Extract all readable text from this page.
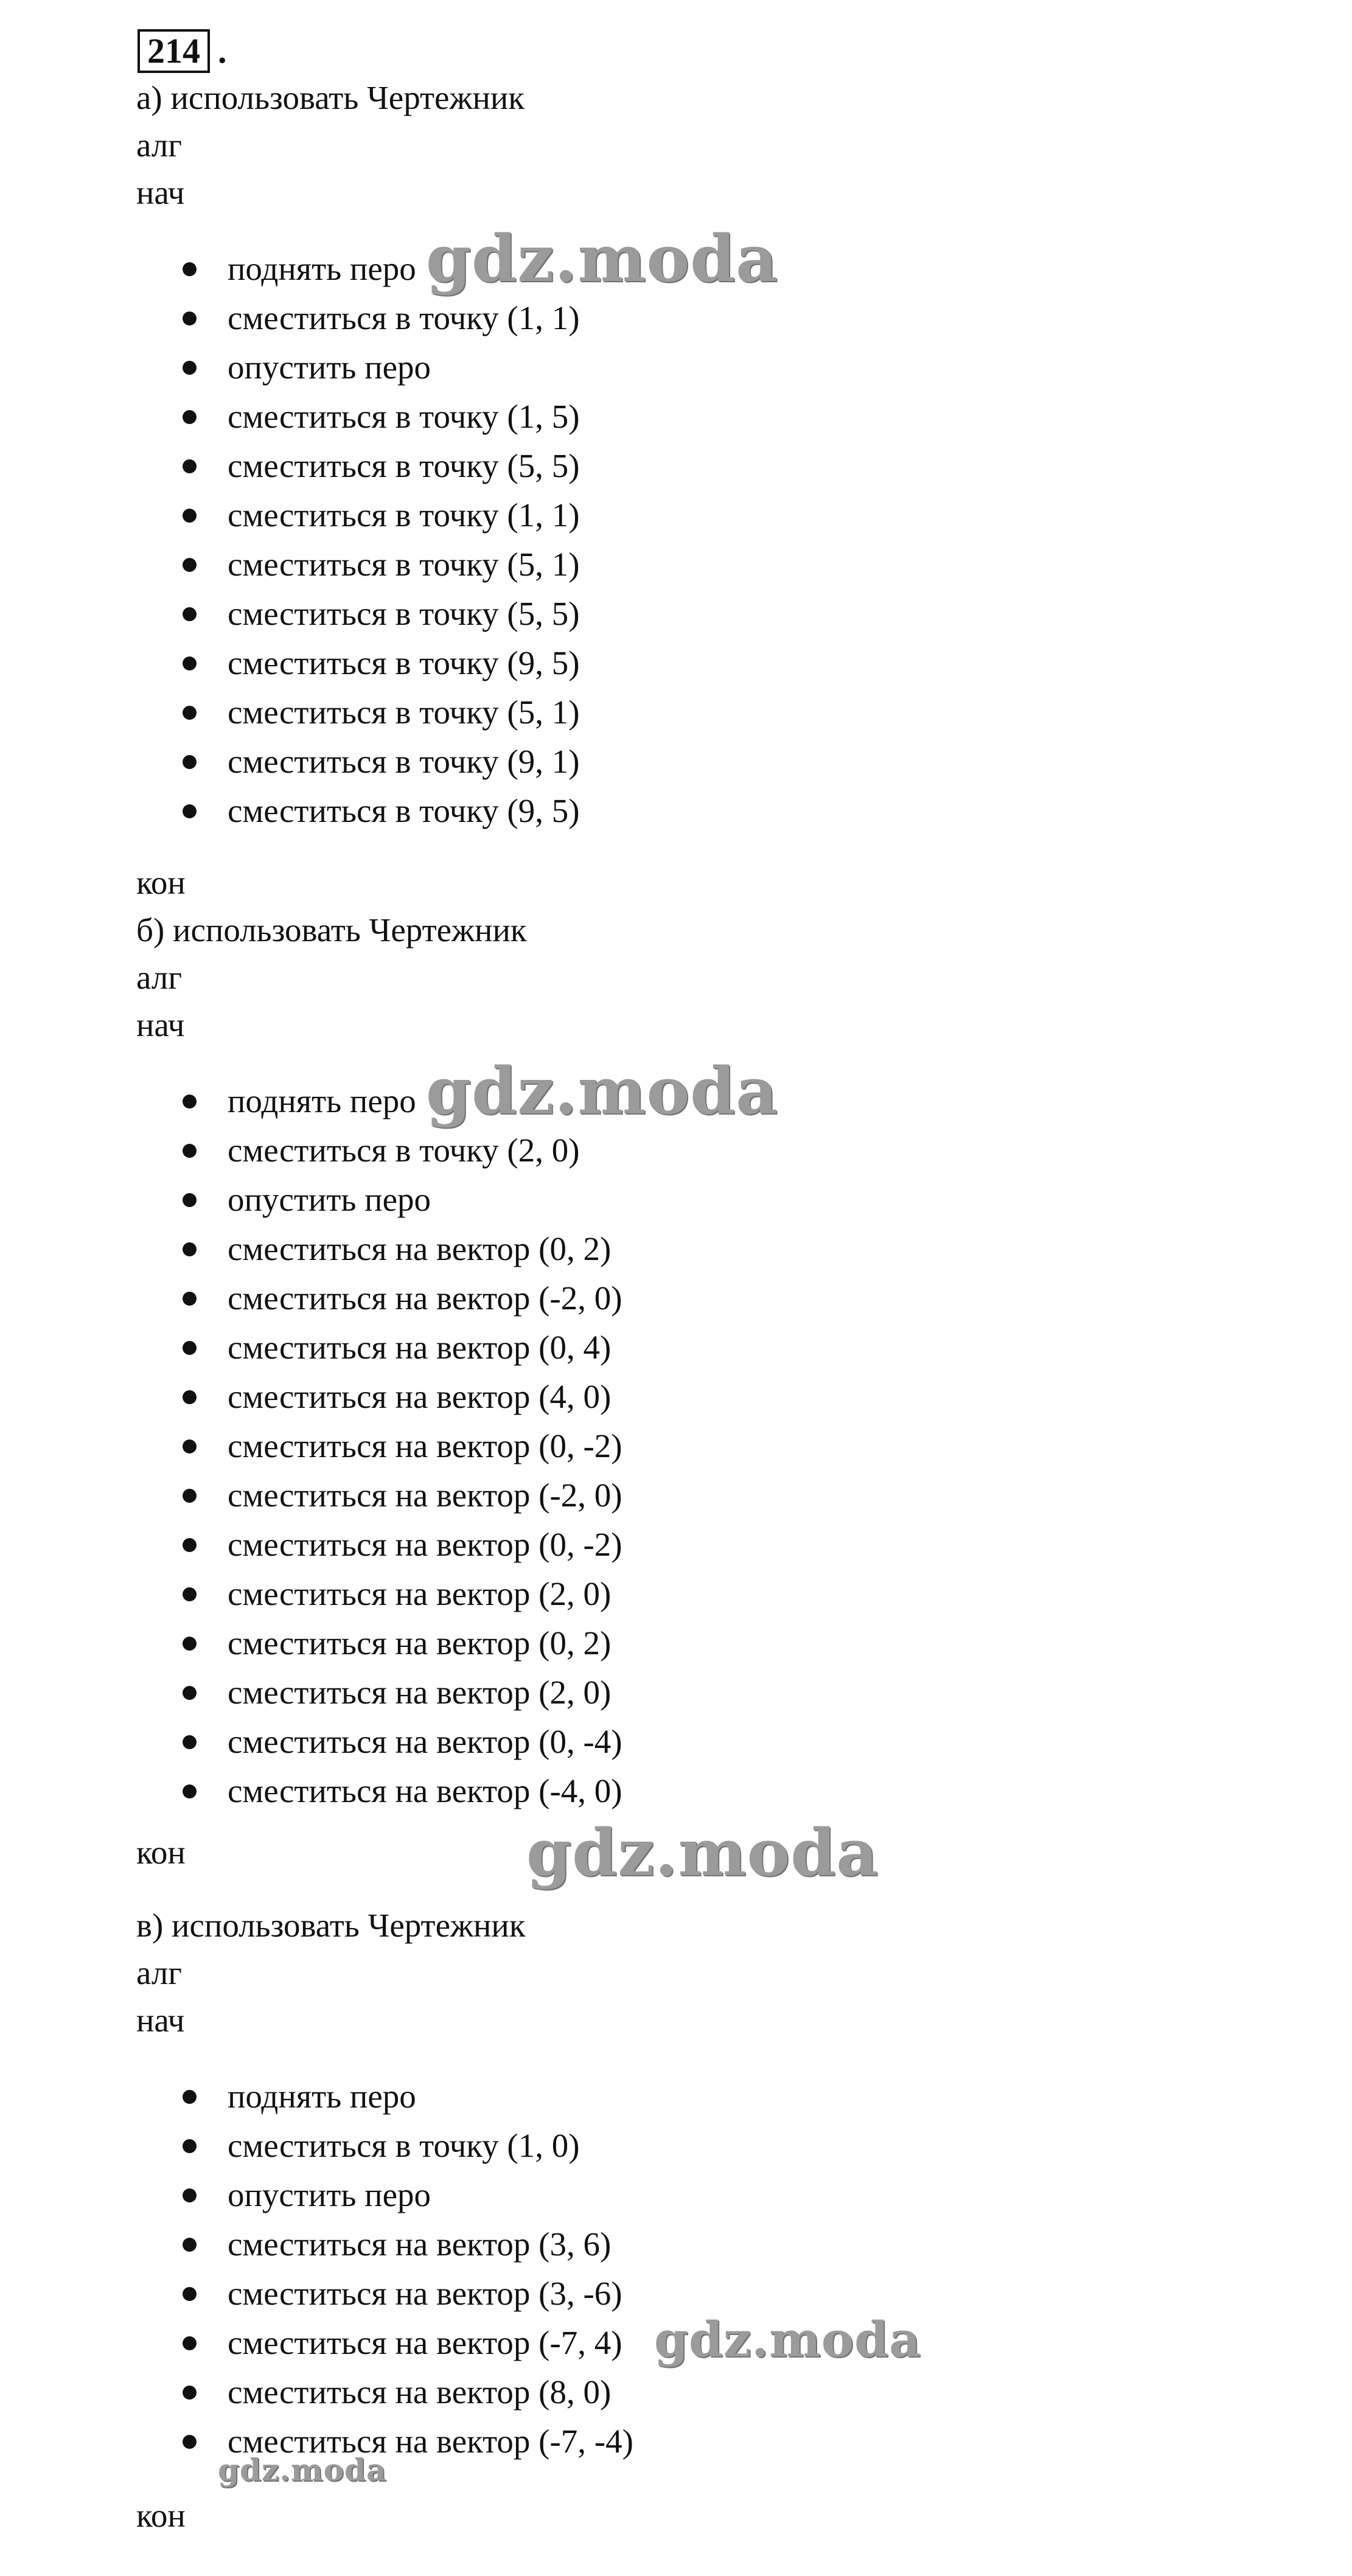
214 .
а) использовать Чертежник
алг
нач
поднять перо
сместиться в точку (1, 1)
опустить перо
сместиться в точку (1, 5)
сместиться в точку (5, 5)
сместиться в точку (1, 1)
сместиться в точку (5, 1)
сместиться в точку (5, 5)
сместиться в точку (9, 5)
сместиться в точку (5, 1)
сместиться в точку (9, 1)
сместиться в точку (9, 5)
кон
б) использовать Чертежник
алг
нач
поднять перо
сместиться в точку (2, 0)
опустить перо
сместиться на вектор (0, 2)
сместиться на вектор (-2, 0)
сместиться на вектор (0, 4)
сместиться на вектор (4, 0)
сместиться на вектор (0, -2)
сместиться на вектор (-2, 0)
сместиться на вектор (0, -2)
сместиться на вектор (2, 0)
сместиться на вектор (0, 2)
сместиться на вектор (2, 0)
сместиться на вектор (0, -4)
сместиться на вектор (-4, 0)
кон
в) использовать Чертежник
алг
нач
поднять перо
сместиться в точку (1, 0)
опустить перо
сместиться на вектор (3, 6)
сместиться на вектор (3, -6)
сместиться на вектор (-7, 4)
сместиться на вектор (8, 0)
сместиться на вектор (-7, -4)
кон
gdz.moda
gdz.moda
gdz.moda
gdz.moda
gdz.moda
